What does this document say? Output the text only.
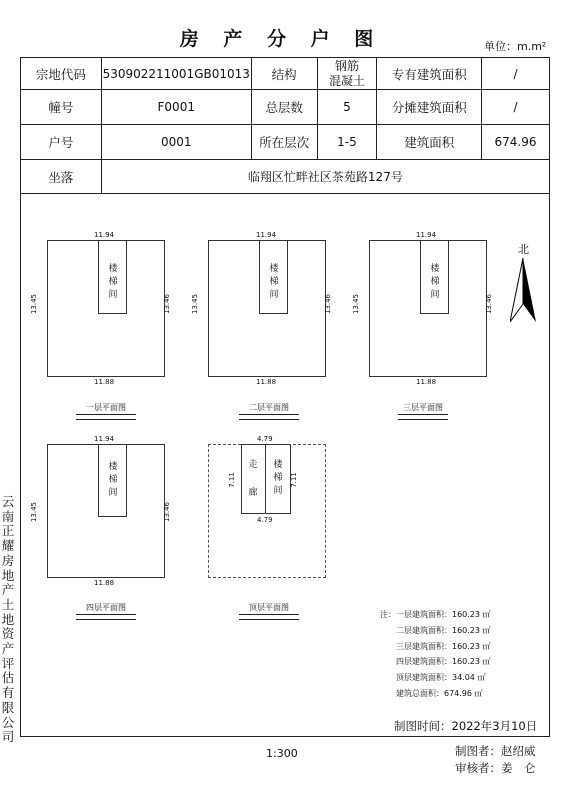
房 产 分 户 图	单位：m.m²
宗地代码	530902211001GB01013	结构	钢筋
混凝土	专有建筑面积	/
幢号	F0001	总层数	5	分摊建筑面积	/
户号	0001	所在层次	1-5	建筑面积	674.96
坐落	临翔区忙畔社区茶苑路127号				
11.94
楼
梯
间
13.45	13.46
11.88
一层平面图
11.94
楼
梯
间
13.45	13.46
11.88
二层平面图
11.94
楼
梯
间
13.45	13.46
11.88
三层平面图
北
11.94
楼
梯
间
13.45	13.46
11.88
四层平面图
4.79
走
廊
楼
梯
间
7.11	7.11
4.79
顶层平面图
注： 一层建筑面积：160.23 ㎡
二层建筑面积：160.23 ㎡
三层建筑面积：160.23 ㎡
四层建筑面积：160.23 ㎡
顶层建筑面积：34.04 ㎡
建筑总面积：674.96 ㎡
制图时间：2022年3月10日
1:300	制图者：赵绍威
审核者：姜　仑
云南正耀房地产土地资产评估有限公司
